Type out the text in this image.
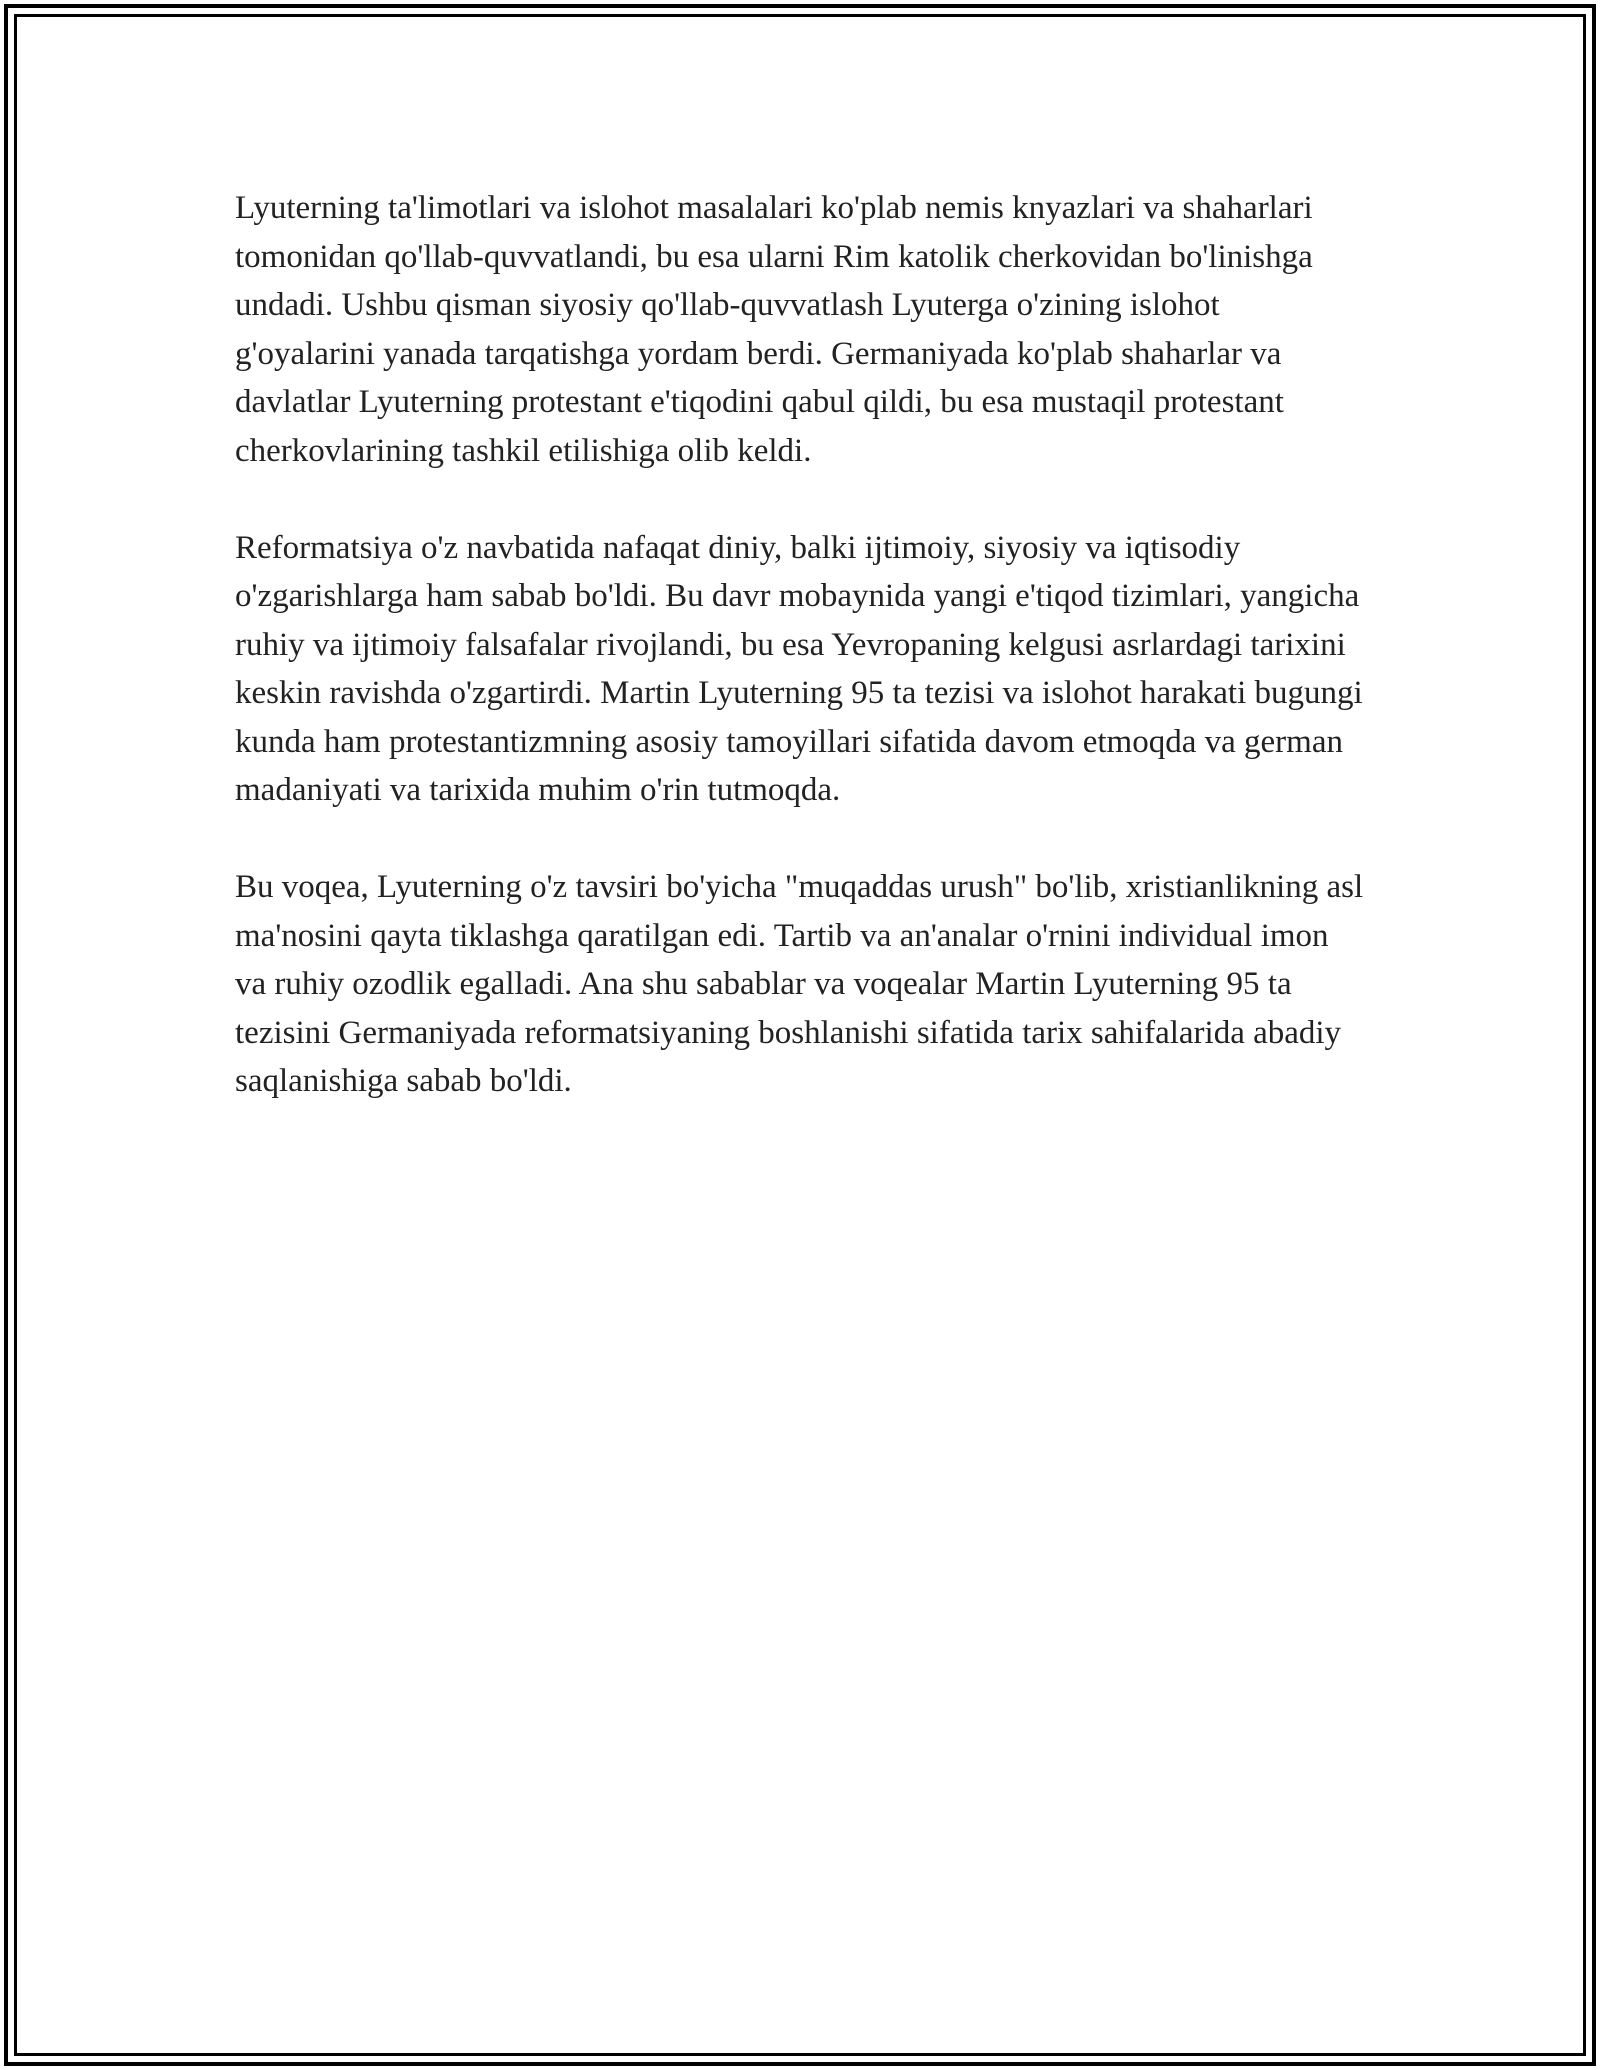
Lyuterning ta'limotlari va islohot masalalari ko'plab nemis knyazlari va shaharlari tomonidan qo'llab-quvvatlandi, bu esa ularni Rim katolik cherkovidan bo'linishga undadi. Ushbu qisman siyosiy qo'llab-quvvatlash Lyuterga o'zining islohot g'oyalarini yanada tarqatishga yordam berdi. Germaniyada ko'plab shaharlar va davlatlar Lyuterning protestant e'tiqodini qabul qildi, bu esa mustaqil protestant cherkovlarining tashkil etilishiga olib keldi.

Reformatsiya o'z navbatida nafaqat diniy, balki ijtimoiy, siyosiy va iqtisodiy o'zgarishlarga ham sabab bo'ldi. Bu davr mobaynida yangi e'tiqod tizimlari, yangicha ruhiy va ijtimoiy falsafalar rivojlandi, bu esa Yevropaning kelgusi asrlardagi tarixini keskin ravishda o'zgartirdi. Martin Lyuterning 95 ta tezisi va islohot harakati bugungi kunda ham protestantizmning asosiy tamoyillari sifatida davom etmoqda va german madaniyati va tarixida muhim o'rin tutmoqda.

Bu voqea, Lyuterning o'z tavsiri bo'yicha "muqaddas urush" bo'lib, xristianlikning asl ma'nosini qayta tiklashga qaratilgan edi. Tartib va an'analar o'rnini individual imon va ruhiy ozodlik egalladi. Ana shu sabablar va voqealar Martin Lyuterning 95 ta tezisini Germaniyada reformatsiyaning boshlanishi sifatida tarix sahifalarida abadiy saqlanishiga sabab bo'ldi.
